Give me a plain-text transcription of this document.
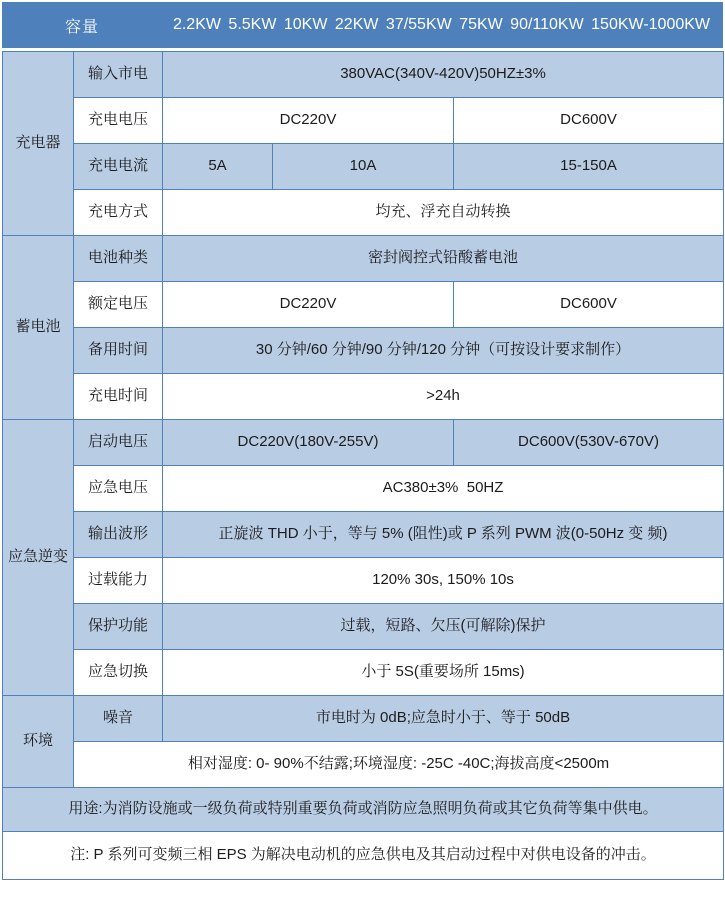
容量	2.2KW 5.5KW 10KW 22KW 37/55KW 75KW 90/110KW 150KW-1000KW
充电器	输入市电	380VAC(340V-420V)50HZ±3%		
	充电电压	DC220V		DC600V
	充电电流	5A	10A	15-150A
	充电方式	均充、浮充自动转换		
蓄电池	电池种类	密封阀控式铅酸蓄电池		
	额定电压	DC220V		DC600V
	备用时间	30 分钟/60 分钟/90 分钟/120 分钟（可按设计要求制作）		
	充电时间	>24h		
应急逆变	启动电压	DC220V(180V-255V)		DC600V(530V-670V)
	应急电压	AC380±3%  50HZ		
	输出波形	正旋波 THD 小于，等与 5% (阻性)或 P 系列 PWM 波(0-50Hz 变 频)		
	过载能力	120% 30s, 150% 10s		
	保护功能	过载，短路、欠压(可解除)保护		
	应急切换	小于 5S(重要场所 15ms)		
环境	噪音	市电时为 0dB;应急时小于、等于 50dB		
	相对湿度: 0- 90%不结露;环境湿度: -25C -40C;海拔高度<2500m			
用途:为消防设施或一级负荷或特别重要负荷或消防应急照明负荷或其它负荷等集中供电。				
注: P 系列可变频三相 EPS 为解决电动机的应急供电及其启动过程中对供电设备的冲击。				
